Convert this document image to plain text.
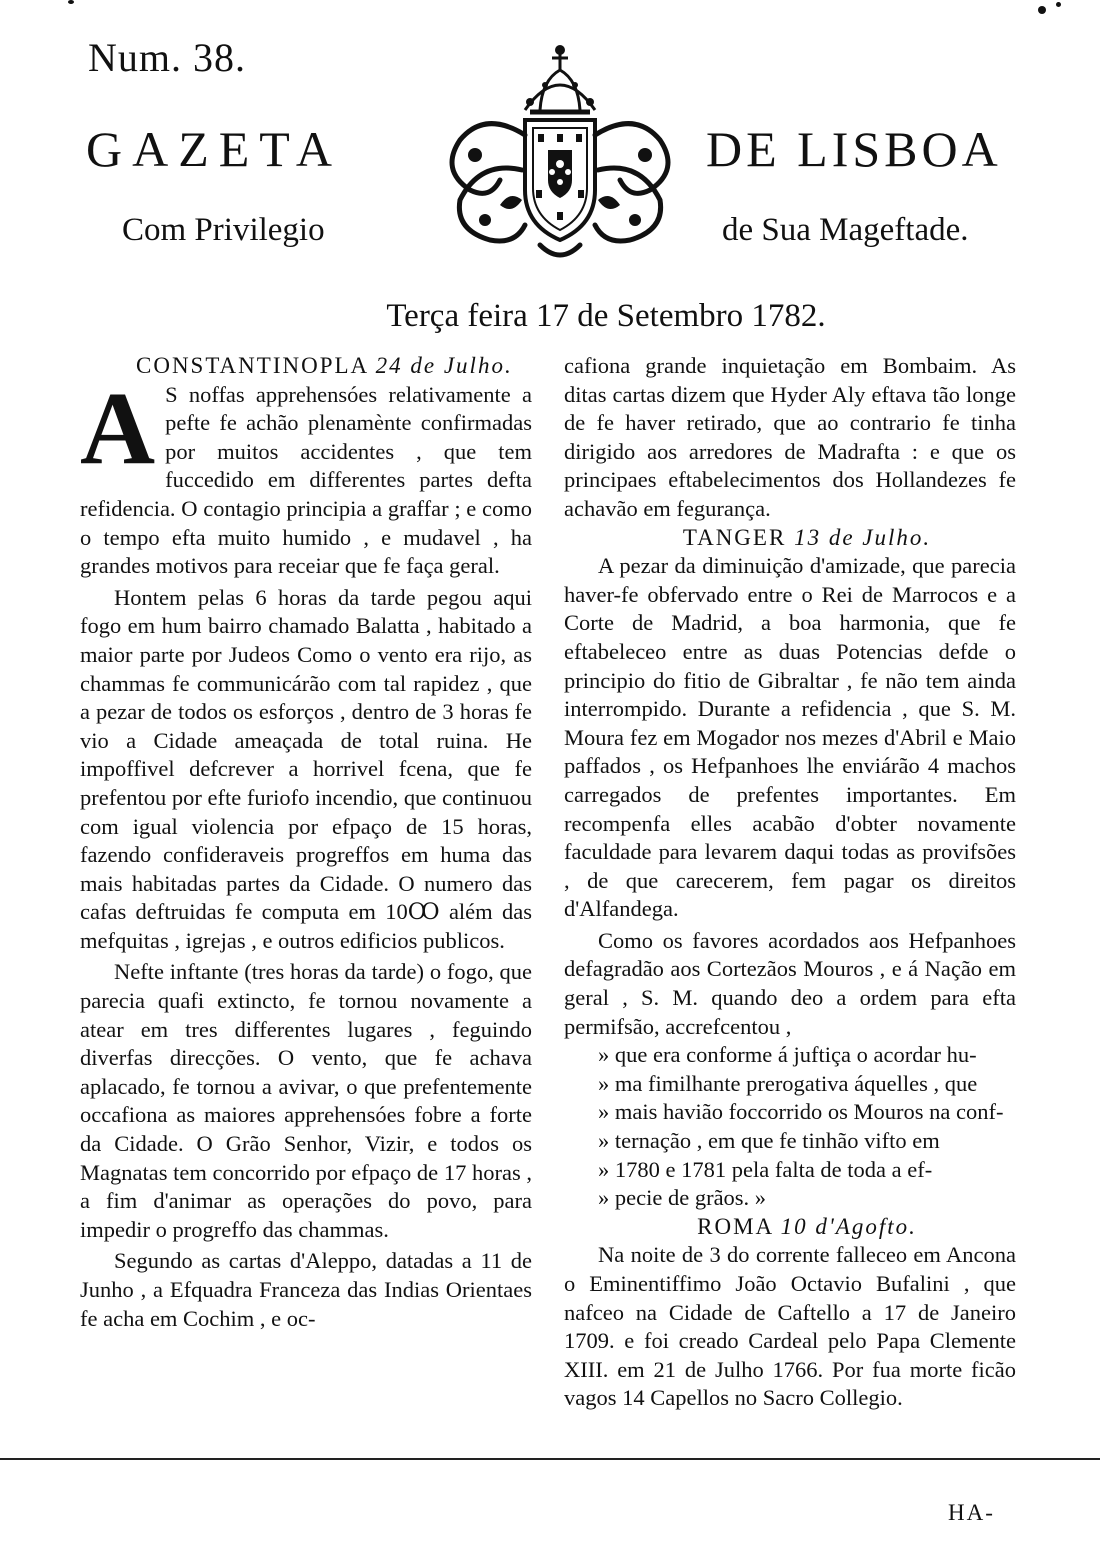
Num. 38.
GAZETA	DE LISBOA
Com Privilegio	de Sua Mageftade.
Terça feira 17 de Setembro 1782.

CONSTANTINOPLA 24 de Julho.

A S noffas apprehensóes relativamente a pefte fe achão plenamènte confirmadas por muitos accidentes , que tem fuccedido em differentes partes defta refidencia. O contagio principia a graffar ; e como o tempo efta muito humido , e mudavel , ha grandes motivos para receiar que fe faça geral.

Hontem pelas 6 horas da tarde pegou aqui fogo em hum bairro chamado Balatta , habitado a maior parte por Judeos Como o vento era rijo, as chammas fe communicárão com tal rapidez , que a pezar de todos os esforços , dentro de 3 horas fe vio a Cidade ameaçada de total ruina. He impoffivel defcrever a horrivel fcena, que fe prefentou por efte furiofo incendio, que continuou com igual violencia por efpaço de 15 horas, fazendo confideraveis progreffos em huma das mais habitadas partes da Cidade. O numero das cafas deftruidas fe computa em 10Ꝏ além das mefquitas , igrejas , e outros edificios publicos.

Nefte inftante (tres horas da tarde) o fogo, que parecia quafi extincto, fe tornou novamente a atear em tres differentes lugares , feguindo diverfas direcções. O vento, que fe achava aplacado, fe tornou a avivar, o que prefentemente occafiona as maiores apprehensóes fobre a forte da Cidade. O Grão Senhor, Vizir, e todos os Magnatas tem concorrido por efpaço de 17 horas , a fim d'animar as operações do povo, para impedir o progreffo das chammas.

Segundo as cartas d'Aleppo, datadas a 11 de Junho , a Efquadra Franceza das Indias Orientaes fe acha em Cochim , e oc-

cafiona grande inquietação em Bombaim. As ditas cartas dizem que Hyder Aly eftava tão longe de fe haver retirado, que ao contrario fe tinha dirigido aos arredores de Madrafta : e que os principaes eftabelecimentos dos Hollandezes fe achavão em fegurança.

TANGER 13 de Julho.

A pezar da diminuição d'amizade, que parecia haver-fe obfervado entre o Rei de Marrocos e a Corte de Madrid, a boa harmonia, que fe eftabeleceo entre as duas Potencias defde o principio do fitio de Gibraltar , fe não tem ainda interrompido. Durante a refidencia , que S. M. Moura fez em Mogador nos mezes d'Abril e Maio paffados , os Hefpanhoes lhe enviárão 4 machos carregados de prefentes importantes. Em recompenfa elles acabão d'obter novamente faculdade para levarem daqui todas as provifsões , de que carecerem, fem pagar os direitos d'Alfandega.

Como os favores acordados aos Hefpanhoes defagradão aos Cortezãos Mouros , e á Nação em geral , S. M. quando deo a ordem para efta permifsão, accrefcentou ,

» que era conforme á juftiça o acordar hu-

» ma fimilhante prerogativa áquelles , que

» mais havião foccorrido os Mouros na conf-

» ternação , em que fe tinhão vifto em

» 1780 e 1781 pela falta de toda a ef-

» pecie de grãos. »

ROMA 10 d'Agofto.

Na noite de 3 do corrente falleceo em Ancona o Eminentiffimo João Octavio Bufalini , que nafceo na Cidade de Caftello a 17 de Janeiro 1709. e foi creado Cardeal pelo Papa Clemente XIII. em 21 de Julho 1766. Por fua morte ficão vagos 14 Capellos no Sacro Collegio.

HA-
